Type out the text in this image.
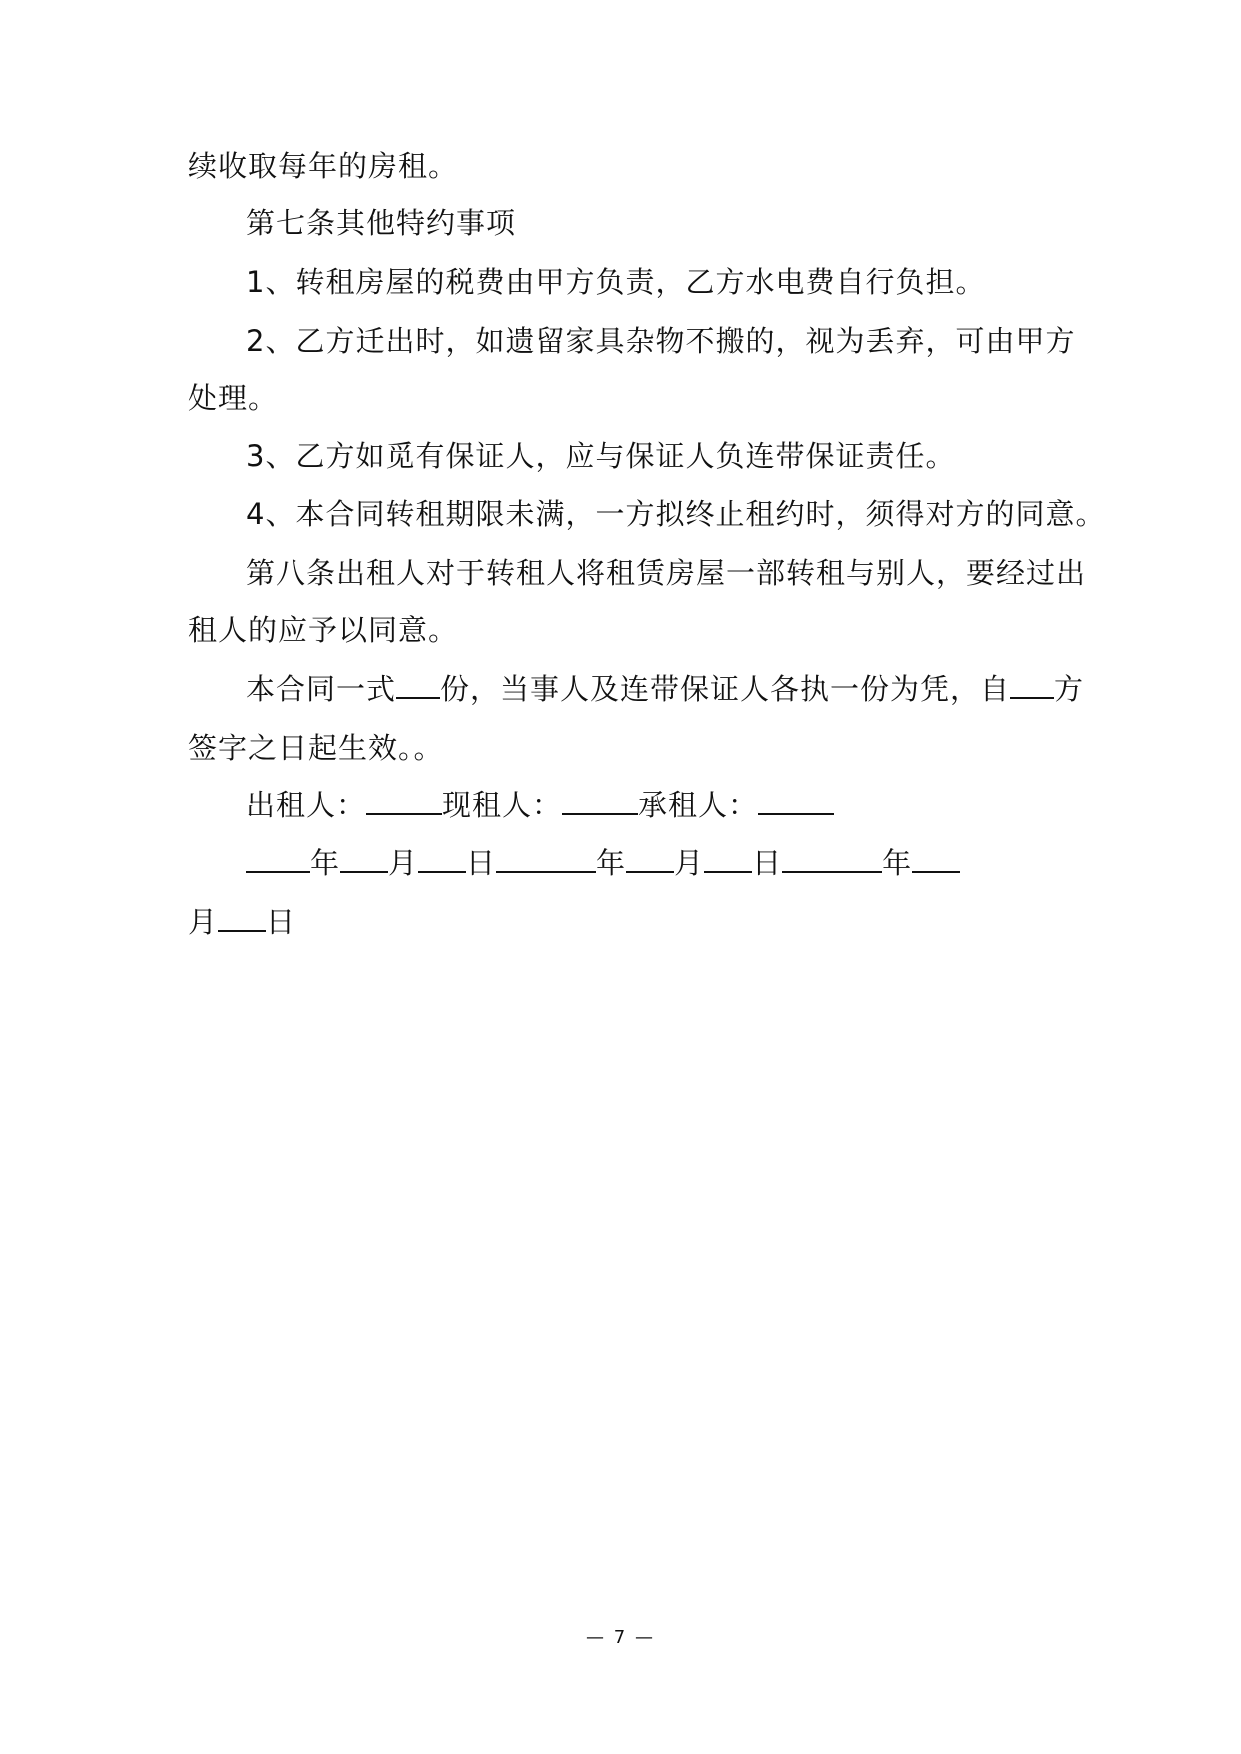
续收取每年的房租。
第七条其他特约事项
1、转租房屋的税费由甲方负责，乙方水电费自行负担。
2、乙方迁出时，如遗留家具杂物不搬的，视为丢弃，可由甲方
处理。
3、乙方如觅有保证人，应与保证人负连带保证责任。
4、本合同转租期限未满，一方拟终止租约时，须得对方的同意。
第八条出租人对于转租人将租赁房屋一部转租与别人，要经过出
租人的应予以同意。
本合同一式 份，当事人及连带保证人各执一份为凭，自 方
签字之日起生效。。
出租人：	现租人：	承租人：
年 月 日	年 月 日	年
月 日
— 7 —
